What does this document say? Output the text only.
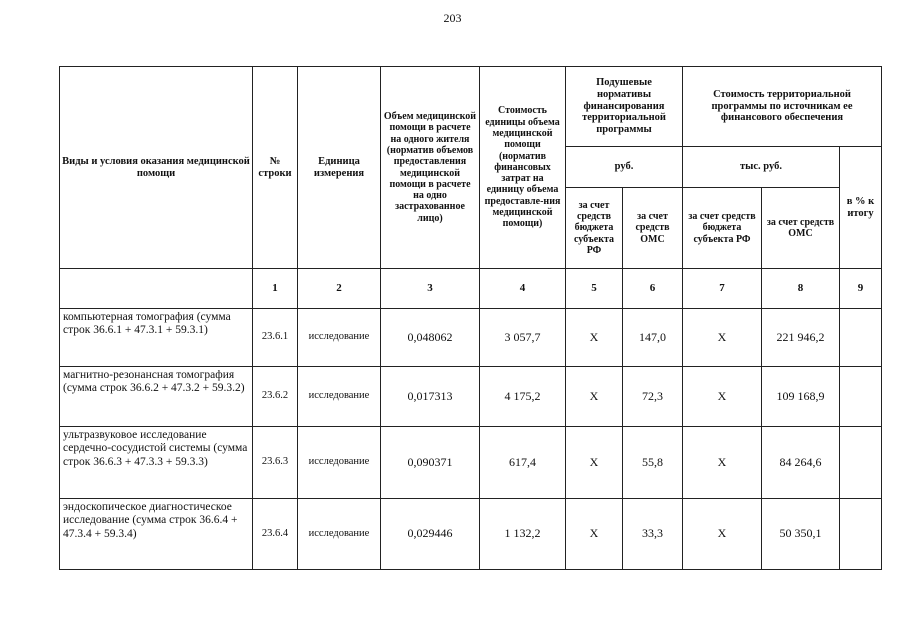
203
Виды и условия оказания медицинской помощи	№ строки	Единица измерения	Объем медицинской помощи в расчете на одного жителя (норматив объемов предоставления медицинской помощи в расчете на одно застрахованное лицо)	Стоимость единицы объема медицинской помощи (норматив финансовых затрат на единицу объема предоставле-ния медицинской помощи)	Подушевые нормативы финансирования территориальной программы		Стоимость территориальной программы по источникам ее финансового обеспечения		
					руб.		тыс. руб.		в % к итогу
					за счет средств бюджета субъекта РФ	за счет средств ОМС	за счет средств бюджета субъекта РФ	за счет средств ОМС	
	1	2	3	4	5	6	7	8	9
компьютерная томография (сумма строк 36.6.1 + 47.3.1 + 59.3.1)	23.6.1	исследование	0,048062	3 057,7	Х	147,0	Х	221 946,2	
магнитно-резонансная томография (сумма строк 36.6.2 + 47.3.2 + 59.3.2)	23.6.2	исследование	0,017313	4 175,2	Х	72,3	Х	109 168,9	
ультразвуковое исследование сердечно-сосудистой системы (сумма строк 36.6.3 + 47.3.3 + 59.3.3)	23.6.3	исследование	0,090371	617,4	Х	55,8	Х	84 264,6	
эндоскопическое диагностическое исследование (сумма строк 36.6.4 + 47.3.4 + 59.3.4)	23.6.4	исследование	0,029446	1 132,2	Х	33,3	Х	50 350,1	
